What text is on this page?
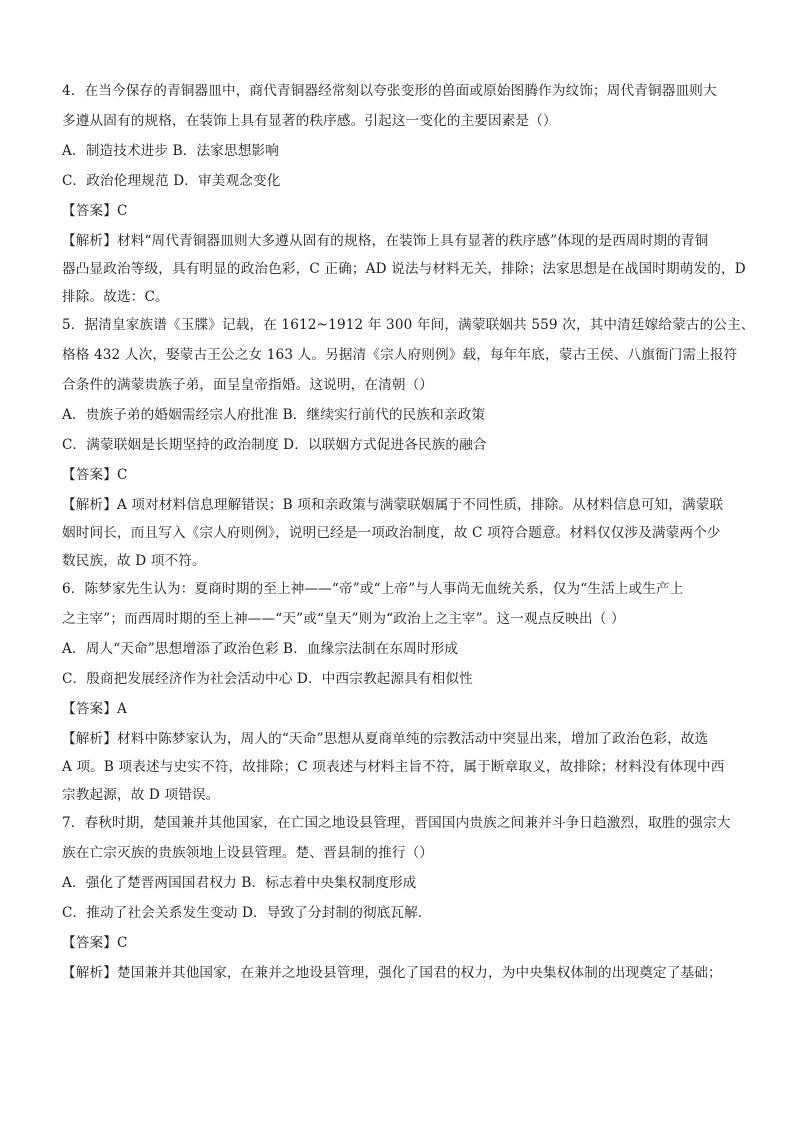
4．在当今保存的青铜器皿中，商代青铜器经常刻以夸张变形的兽面或原始图腾作为纹饰；周代青铜器皿则大

多遵从固有的规格，在装饰上具有显著的秩序感。引起这一变化的主要因素是（）

A．制造技术进步 B．法家思想影响

C．政治伦理规范 D．审美观念变化

【答案】C

【解析】材料“周代青铜器皿则大多遵从固有的规格，在装饰上具有显著的秩序感”体现的是西周时期的青铜

器凸显政治等级，具有明显的政治色彩，C 正确；AD 说法与材料无关，排除；法家思想是在战国时期萌发的，D

排除。故选：C。

5．据清皇家族谱《玉牒》记载，在 1612~1912 年 300 年间，满蒙联姻共 559 次，其中清廷嫁给蒙古的公主、

格格 432 人次，娶蒙古王公之女 163 人。另据清《宗人府则例》载，每年年底，蒙古王侯、八旗衙门需上报符

合条件的满蒙贵族子弟，面呈皇帝指婚。这说明，在清朝（）

A．贵族子弟的婚姻需经宗人府批准 B．继续实行前代的民族和亲政策

C．满蒙联姻是长期坚持的政治制度 D．以联姻方式促进各民族的融合

【答案】C

【解析】A 项对材料信息理解错误；B 项和亲政策与满蒙联姻属于不同性质，排除。从材料信息可知，满蒙联

姻时间长，而且写入《宗人府则例》，说明已经是一项政治制度，故 C 项符合题意。材料仅仅涉及满蒙两个少

数民族，故 D 项不符。

6．陈梦家先生认为：夏商时期的至上神——“帝”或“上帝”与人事尚无血统关系，仅为“生活上或生产上

之主宰”；而西周时期的至上神——“天”或“皇天”则为“政治上之主宰”。这一观点反映出（ ）

A．周人“天命”思想增添了政治色彩 B．血缘宗法制在东周时形成

C．殷商把发展经济作为社会活动中心 D．中西宗教起源具有相似性

【答案】A

【解析】材料中陈梦家认为，周人的“天命”思想从夏商单纯的宗教活动中突显出来，增加了政治色彩，故选

A 项。B 项表述与史实不符，故排除；C 项表述与材料主旨不符，属于断章取义，故排除；材料没有体现中西

宗教起源，故 D 项错误。

7．春秋时期，楚国兼并其他国家，在亡国之地设县管理，晋国国内贵族之间兼并斗争日趋激烈，取胜的强宗大

族在亡宗灭族的贵族领地上设县管理。楚、晋县制的推行（）

A．强化了楚晋两国国君权力 B．标志着中央集权制度形成

C．推动了社会关系发生变动 D．导致了分封制的彻底瓦解．

【答案】C

【解析】楚国兼并其他国家，在兼并之地设县管理，强化了国君的权力，为中央集权体制的出现奠定了基础；
